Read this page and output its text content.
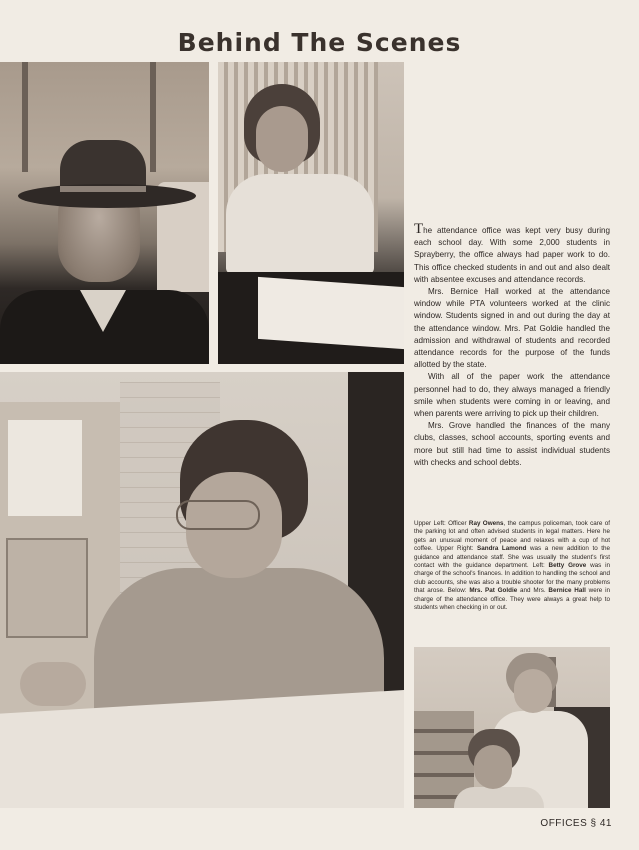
Behind The Scenes

The attendance office was kept very busy during each school day. With some 2,000 students in Sprayberry, the office always had paper work to do. This office checked students in and out and also dealt with absentee excuses and attendance records.

Mrs. Bernice Hall worked at the attendance window while PTA volunteers worked at the clinic window. Students signed in and out during the day at the attendance window. Mrs. Pat Goldie handled the admission and withdrawal of students and recorded attendance records for the purpose of the funds allotted by the state.

With all of the paper work the attendance personnel had to do, they always managed a friendly smile when students were coming in or leaving, and when parents were arriving to pick up their children.

Mrs. Grove handled the finances of the many clubs, classes, school accounts, sporting events and more but still had time to assist individual students with checks and school debts.

Upper Left: Officer Ray Owens, the campus policeman, took care of the parking lot and often advised students in legal matters. Here he gets an unusual moment of peace and relaxes with a cup of hot coffee. Upper Right: Sandra Lamond was a new addition to the guidance and attendance staff. She was usually the student's first contact with the guidance department. Left: Betty Grove was in charge of the school's finances. In addition to handling the school and club accounts, she was also a trouble shooter for the many problems that arose. Below: Mrs. Pat Goldie and Mrs. Bernice Hall were in charge of the attendance office. They were always a great help to students when checking in or out.

OFFICES § 41
